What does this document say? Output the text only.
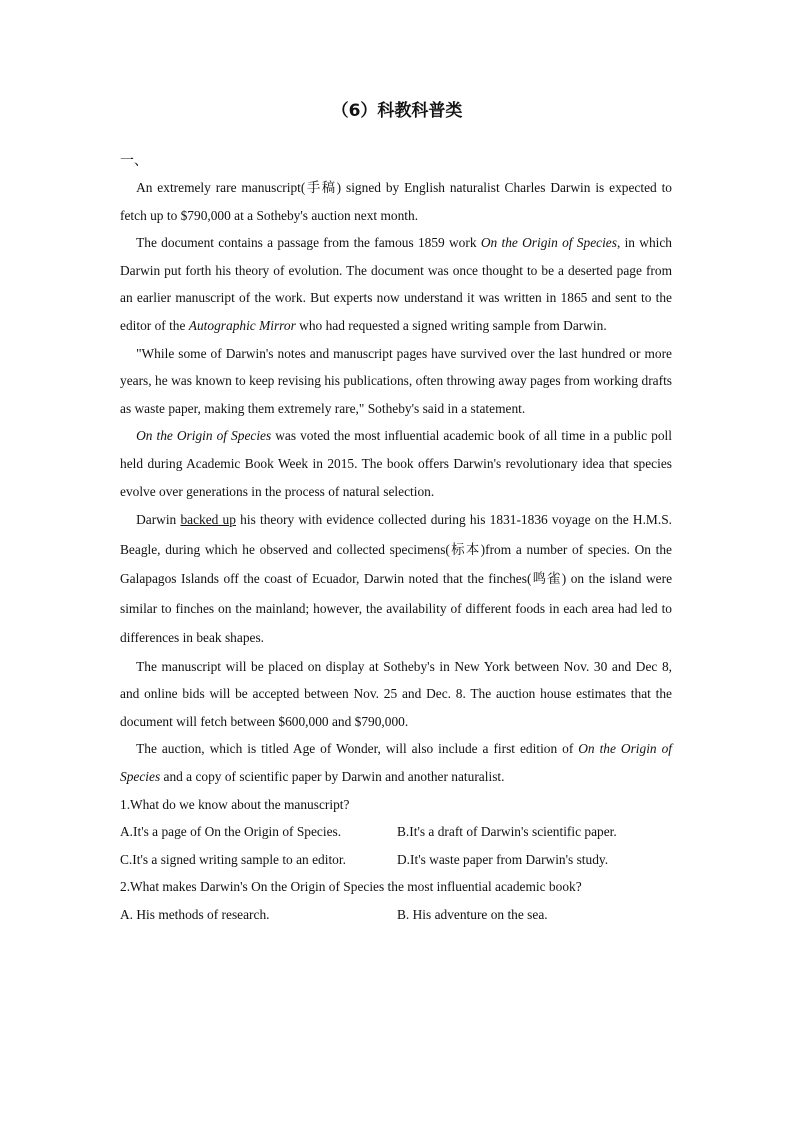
（6）科教科普类
一、

An extremely rare manuscript(手稿) signed by English naturalist Charles Darwin is expected to fetch up to $790,000 at a Sotheby's auction next month.

The document contains a passage from the famous 1859 work On the Origin of Species, in which Darwin put forth his theory of evolution. The document was once thought to be a deserted page from an earlier manuscript of the work. But experts now understand it was written in 1865 and sent to the editor of the Autographic Mirror who had requested a signed writing sample from Darwin.

"While some of Darwin's notes and manuscript pages have survived over the last hundred or more years, he was known to keep revising his publications, often throwing away pages from working drafts as waste paper, making them extremely rare," Sotheby's said in a statement.

On the Origin of Species was voted the most influential academic book of all time in a public poll held during Academic Book Week in 2015. The book offers Darwin's revolutionary idea that species evolve over generations in the process of natural selection.

Darwin backed up his theory with evidence collected during his 1831-1836 voyage on the H.M.S. Beagle, during which he observed and collected specimens(标本)from a number of species. On the Galapagos Islands off the coast of Ecuador, Darwin noted that the finches(鸣雀) on the island were similar to finches on the mainland; however, the availability of different foods in each area had led to differences in beak shapes.

The manuscript will be placed on display at Sotheby's in New York between Nov. 30 and Dec 8, and online bids will be accepted between Nov. 25 and Dec. 8. The auction house estimates that the document will fetch between $600,000 and $790,000.

The auction, which is titled Age of Wonder, will also include a first edition of On the Origin of Species and a copy of scientific paper by Darwin and another naturalist.

1.What do we know about the manuscript?

A.It's a page of On the Origin of Species.	B.It's a draft of Darwin's scientific paper.
C.It's a signed writing sample to an editor.	D.It's waste paper from Darwin's study.

2.What makes Darwin's On the Origin of Species the most influential academic book?

A. His methods of research.	B. His adventure on the sea.
